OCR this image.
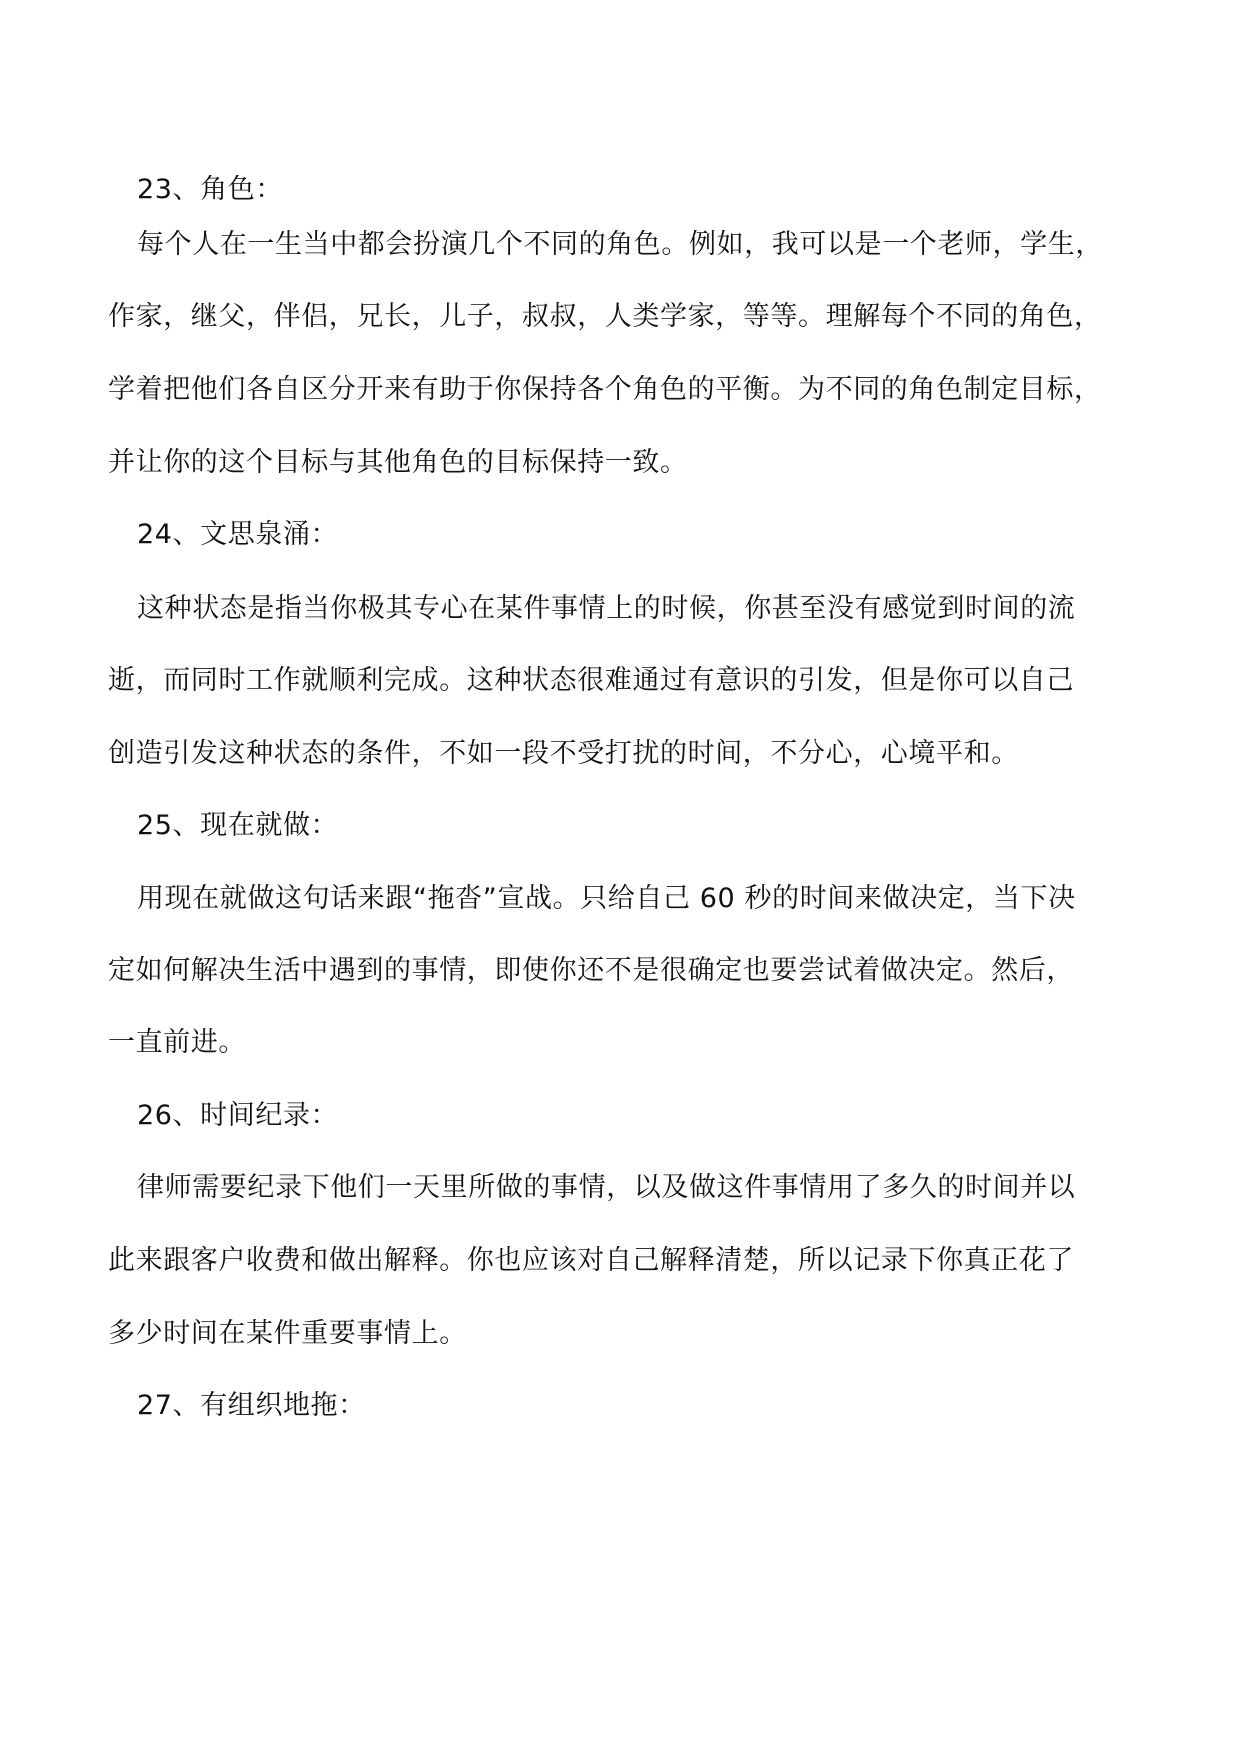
23、角色：
每个人在一生当中都会扮演几个不同的角色。例如，我可以是一个老师，学生，
作家，继父，伴侣，兄长，儿子，叔叔，人类学家，等等。理解每个不同的角色，
学着把他们各自区分开来有助于你保持各个角色的平衡。为不同的角色制定目标，
并让你的这个目标与其他角色的目标保持一致。
24、文思泉涌：
这种状态是指当你极其专心在某件事情上的时候，你甚至没有感觉到时间的流
逝，而同时工作就顺利完成。这种状态很难通过有意识的引发，但是你可以自己
创造引发这种状态的条件，不如一段不受打扰的时间，不分心，心境平和。
25、现在就做：
用现在就做这句话来跟“拖沓”宣战。只给自己 60 秒的时间来做决定，当下决
定如何解决生活中遇到的事情，即使你还不是很确定也要尝试着做决定。然后，
一直前进。
26、时间纪录：
律师需要纪录下他们一天里所做的事情，以及做这件事情用了多久的时间并以
此来跟客户收费和做出解释。你也应该对自己解释清楚，所以记录下你真正花了
多少时间在某件重要事情上。
27、有组织地拖：
